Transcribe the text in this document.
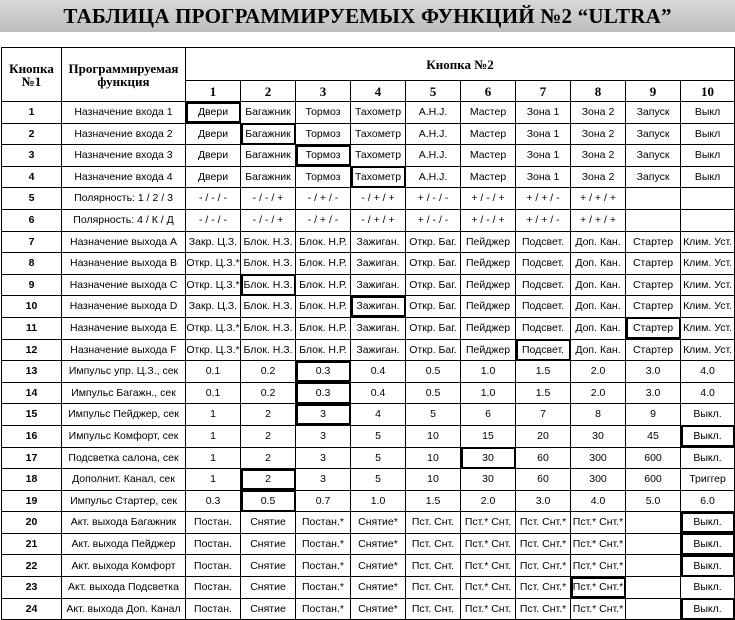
ТАБЛИЦА ПРОГРАММИРУЕМЫХ ФУНКЦИЙ №2 “ULTRA”
Кнопка
№1	Программируемая
функция	Кнопка №2									
		1	2	3	4	5	6	7	8	9	10
1	Назначение входа 1	Двери	Багажник	Тормоз	Тахометр	А.Н.J.	Мастер	Зона 1	Зона 2	Запуск	Выкл
2	Назначение входа 2	Двери	Багажник	Тормоз	Тахометр	А.Н.J.	Мастер	Зона 1	Зона 2	Запуск	Выкл
3	Назначение входа 3	Двери	Багажник	Тормоз	Тахометр	А.Н.J.	Мастер	Зона 1	Зона 2	Запуск	Выкл
4	Назначение входа 4	Двери	Багажник	Тормоз	Тахометр	А.Н.J.	Мастер	Зона 1	Зона 2	Запуск	Выкл
5	Полярность: 1 / 2 / 3	- / - / -	- / - / +	- / + / -	- / + / +	+ / - / -	+ / - / +	+ / + / -	+ / + / +		
6	Полярность: 4 / К / Д	- / - / -	- / - / +	- / + / -	- / + / +	+ / - / -	+ / - / +	+ / + / -	+ / + / +		
7	Назначение выхода A	Закр. Ц.З.	Блок. Н.З.	Блок. Н.Р.	Зажиган.	Откр. Баг.	Пейджер	Подсвет.	Доп. Кан.	Стартер	Клим. Уст.
8	Назначение выхода B	Откр. Ц.З.*	Блок. Н.З.	Блок. Н.Р.	Зажиган.	Откр. Баг.	Пейджер	Подсвет.	Доп. Кан.	Стартер	Клим. Уст.
9	Назначение выхода C	Откр. Ц.З.*	Блок. Н.З.	Блок. Н.Р.	Зажиган.	Откр. Баг.	Пейджер	Подсвет.	Доп. Кан.	Стартер	Клим. Уст.
10	Назначение выхода D	Закр. Ц.З.	Блок. Н.З.	Блок. Н.Р.	Зажиган.	Откр. Баг.	Пейджер	Подсвет.	Доп. Кан.	Стартер	Клим. Уст.
11	Назначение выхода E	Откр. Ц.З.*	Блок. Н.З.	Блок. Н.Р.	Зажиган.	Откр. Баг.	Пейджер	Подсвет.	Доп. Кан.	Стартер	Клим. Уст.
12	Назначение выхода F	Откр. Ц.З.*	Блок. Н.З.	Блок. Н.Р.	Зажиган.	Откр. Баг.	Пейджер	Подсвет.	Доп. Кан.	Стартер	Клим. Уст.
13	Импульс упр. Ц.З., сек	0.1	0.2	0.3	0.4	0.5	1.0	1.5	2.0	3.0	4.0
14	Импульс Багажн., сек	0.1	0.2	0.3	0.4	0.5	1.0	1.5	2.0	3.0	4.0
15	Импульс Пейджер, сек	1	2	3	4	5	6	7	8	9	Выкл.
16	Импульс Комфорт, сек	1	2	3	5	10	15	20	30	45	Выкл.
17	Подсветка салона, сек	1	2	3	5	10	30	60	300	600	Выкл.
18	Дополнит. Канал, сек	1	2	3	5	10	30	60	300	600	Триггер
19	Импульс Стартер, сек	0.3	0.5	0.7	1.0	1.5	2.0	3.0	4.0	5.0	6.0
20	Акт. выхода Багажник	Постан.	Снятие	Постан.*	Снятие*	Пст. Снт.	Пст.* Снт.	Пст. Снт.*	Пст.* Снт.*		Выкл.
21	Акт. выхода Пейджер	Постан.	Снятие	Постан.*	Снятие*	Пст. Снт.	Пст.* Снт.	Пст. Снт.*	Пст.* Снт.*		Выкл.
22	Акт. выхода Комфорт	Постан.	Снятие	Постан.*	Снятие*	Пст. Снт.	Пст.* Снт.	Пст. Снт.*	Пст.* Снт.*		Выкл.
23	Акт. выхода Подсветка	Постан.	Снятие	Постан.*	Снятие*	Пст. Снт.	Пст.* Снт.	Пст. Снт.*	Пст.* Снт.*		Выкл.
24	Акт. выхода Доп. Канал	Постан.	Снятие	Постан.*	Снятие*	Пст. Снт.	Пст.* Снт.	Пст. Снт.*	Пст.* Снт.*		Выкл.
